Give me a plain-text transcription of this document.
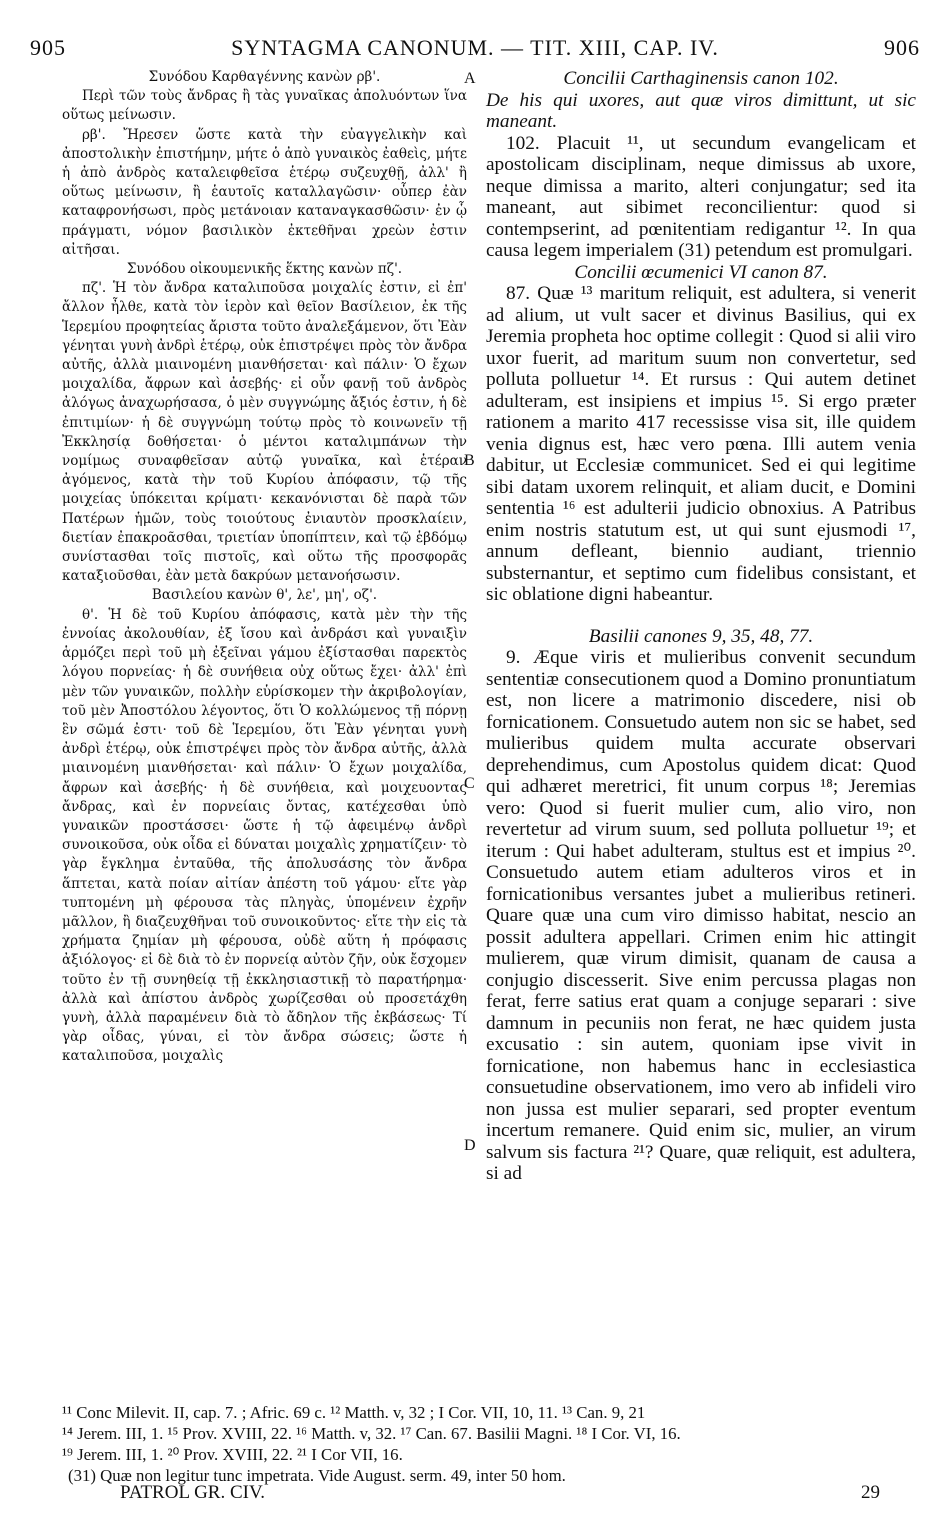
905	SYNTAGMA CANONUM. — TIT. XIII, CAP. IV.	906
A
B
C
D

Συνόδου Καρθαγέννης κανὼν ρβ'.

Περὶ τῶν τοὺς ἄνδρας ἢ τὰς γυναῖκας ἀπολυόντων ἵνα οὕτως μείνωσιν.

ρβ'. Ἤρεσεν ὥστε κατὰ τὴν εὐαγγελικὴν καὶ ἀποστολικὴν ἐπιστήμην, μήτε ὁ ἀπὸ γυναικὸς ἐαθεὶς, μήτε ἡ ἀπὸ ἀνδρὸς καταλειφθεῖσα ἑτέρῳ συζευχθῇ, ἀλλ' ἢ οὕτως μείνωσιν, ἢ ἑαυτοῖς καταλλαγῶσιν· οὗπερ ἐὰν καταφρονήσωσι, πρὸς μετάνοιαν καταναγκασθῶσιν· ἐν ᾧ πράγματι, νόμον βασιλικὸν ἐκτεθῆναι χρεὼν ἐστιν αἰτῆσαι.

Συνόδου οἰκουμενικῆς ἕκτης κανὼν πζ'.

πζ'. Ἡ τὸν ἄνδρα καταλιποῦσα μοιχαλίς ἐστιν, εἰ ἐπ' ἄλλον ἦλθε, κατὰ τὸν ἱερὸν καὶ θεῖον Βασίλειον, ἐκ τῆς Ἱερεμίου προφητείας ἄριστα τοῦτο ἀναλεξάμενον, ὅτι Ἐὰν γένηται γυνὴ ἀνδρὶ ἑτέρῳ, οὐκ ἐπιστρέψει πρὸς τὸν ἄνδρα αὐτῆς, ἀλλὰ μιαινομένη μιανθήσεται· καὶ πάλιν· Ὁ ἔχων μοιχαλίδα, ἄφρων καὶ ἀσεβής· εἰ οὖν φανῇ τοῦ ἀνδρὸς ἀλόγως ἀναχωρήσασα, ὁ μὲν συγγνώμης ἄξιός ἐστιν, ἡ δὲ ἐπιτιμίων· ἡ δὲ συγγνώμη τούτῳ πρὸς τὸ κοινωνεῖν τῇ Ἐκκλησίᾳ δοθήσεται· ὁ μέντοι καταλιμπάνων τὴν νομίμως συναφθεῖσαν αὐτῷ γυναῖκα, καὶ ἑτέραν ἀγόμενος, κατὰ τὴν τοῦ Κυρίου ἀπόφασιν, τῷ τῆς μοιχείας ὑπόκειται κρίματι· κεκανόνισται δὲ παρὰ τῶν Πατέρων ἡμῶν, τοὺς τοιούτους ἐνιαυτὸν προσκλαίειν, διετίαν ἐπακροᾶσθαι, τριετίαν ὑποπίπτειν, καὶ τῷ ἑβδόμῳ συνίστασθαι τοῖς πιστοῖς, καὶ οὕτω τῆς προσφορᾶς καταξιοῦσθαι, ἐὰν μετὰ δακρύων μετανοήσωσιν.

Βασιλείου κανὼν θ', λε', μη', οζ'.

θ'. Ἡ δὲ τοῦ Κυρίου ἀπόφασις, κατὰ μὲν τὴν τῆς ἐννοίας ἀκολουθίαν, ἐξ ἴσου καὶ ἀνδράσι καὶ γυναιξὶν ἁρμόζει περὶ τοῦ μὴ ἐξεῖναι γάμου ἐξίστασθαι παρεκτὸς λόγου πορνείας· ἡ δὲ συνήθεια οὐχ οὕτως ἔχει· ἀλλ' ἐπὶ μὲν τῶν γυναικῶν, πολλὴν εὑρίσκομεν τὴν ἀκριβολογίαν, τοῦ μὲν Ἀποστόλου λέγοντος, ὅτι Ὁ κολλώμενος τῇ πόρνῃ ἓν σῶμά ἐστι· τοῦ δὲ Ἱερεμίου, ὅτι Ἐὰν γένηται γυνὴ ἀνδρὶ ἑτέρῳ, οὐκ ἐπιστρέψει πρὸς τὸν ἄνδρα αὐτῆς, ἀλλὰ μιαινομένη μιανθήσεται· καὶ πάλιν· Ὁ ἔχων μοιχαλίδα, ἄφρων καὶ ἀσεβής· ἡ δὲ συνήθεια, καὶ μοιχευοντας ἄνδρας, καὶ ἐν πορνείαις ὄντας, κατέχεσθαι ὑπὸ γυναικῶν προστάσσει· ὥστε ἡ τῷ ἀφειμένῳ ἀνδρὶ συνοικοῦσα, οὐκ οἶδα εἰ δύναται μοιχαλὶς χρηματίζειν· τὸ γὰρ ἔγκλημα ἐνταῦθα, τῆς ἀπολυσάσης τὸν ἄνδρα ἅπτεται, κατὰ ποίαν αἰτίαν ἀπέστη τοῦ γάμου· εἴτε γὰρ τυπτομένη μὴ φέρουσα τὰς πληγὰς, ὑπομένειν ἐχρῆν μᾶλλον, ἢ διαζευχθῆναι τοῦ συνοικοῦντος· εἴτε τὴν εἰς τὰ χρήματα ζημίαν μὴ φέρουσα, οὐδὲ αὕτη ἡ πρόφασις ἀξιόλογος· εἰ δὲ διὰ τὸ ἐν πορνείᾳ αὐτὸν ζῆν, οὐκ ἔσχομεν τοῦτο ἐν τῇ συνηθείᾳ τῇ ἐκκλησιαστικῇ τὸ παρατήρημα· ἀλλὰ καὶ ἀπίστου ἀνδρὸς χωρίζεσθαι οὐ προσετάχθη γυνὴ, ἀλλὰ παραμένειν διὰ τὸ ἄδηλον τῆς ἐκβάσεως· Τί γὰρ οἶδας, γύναι, εἰ τὸν ἄνδρα σώσεις; ὥστε ἡ καταλιποῦσα, μοιχαλὶς

Concilii Carthaginensis canon 102.

De his qui uxores, aut quæ viros dimittunt, ut sic maneant.

102. Placuit ¹¹, ut secundum evangelicam et apostolicam disciplinam, neque dimissus ab uxore, neque dimissa a marito, alteri conjungatur; sed ita maneant, aut sibimet reconcilientur: quod si contempserint, ad pœnitentiam redigantur ¹². In qua causa legem imperialem (31) petendum est promulgari.

Concilii œcumenici VI canon 87.

87. Quæ ¹³ maritum reliquit, est adultera, si venerit ad alium, ut vult sacer et divinus Basilius, qui ex Jeremia propheta hoc optime collegit : Quod si alii viro uxor fuerit, ad maritum suum non convertetur, sed polluta polluetur ¹⁴. Et rursus : Qui autem detinet adulteram, est insipiens et impius ¹⁵. Si ergo præter rationem a marito 417 recessisse visa sit, ille quidem venia dignus est, hæc vero pœna. Illi autem venia dabitur, ut Ecclesiæ communicet. Sed ei qui legitime sibi datam uxorem relinquit, et aliam ducit, e Domini sententia ¹⁶ est adulterii judicio obnoxius. A Patribus enim nostris statutum est, ut qui sunt ejusmodi ¹⁷, annum defleant, biennio audiant, triennio substernantur, et septimo cum fidelibus consistant, et sic oblatione digni habeantur.

Basilii canones 9, 35, 48, 77.

9. Æque viris et mulieribus convenit secundum sententiæ consecutionem quod a Domino pronuntiatum est, non licere a matrimonio discedere, nisi ob fornicationem. Consuetudo autem non sic se habet, sed mulieribus quidem multa accurate observari deprehendimus, cum Apostolus quidem dicat: Quod qui adhæret meretrici, fit unum corpus ¹⁸; Jeremias vero: Quod si fuerit mulier cum, alio viro, non revertetur ad virum suum, sed polluta polluetur ¹⁹; et iterum : Qui habet adulteram, stultus est et impius ²⁰. Consuetudo autem etiam adulteros viros et in fornicationibus versantes jubet a mulieribus retineri. Quare quæ una cum viro dimisso habitat, nescio an possit adultera appellari. Crimen enim hic attingit mulierem, quæ virum dimisit, quanam de causa a conjugio discesserit. Sive enim percussa plagas non ferat, ferre satius erat quam a conjuge separari : sive damnum in pecuniis non ferat, ne hæc quidem justa excusatio : sin autem, quoniam ipse vivit in fornicatione, non habemus hanc in ecclesiastica consuetudine observationem, imo vero ab infideli viro non jussa est mulier separari, sed propter eventum incertum remanere. Quid enim sic, mulier, an virum salvum sis factura ²¹? Quare, quæ reliquit, est adultera, si ad

¹¹ Conc Milevit. II, cap. 7. ; Afric. 69 c. ¹² Matth. v, 32 ; I Cor. VII, 10, 11. ¹³ Can. 9, 21

¹⁴ Jerem. III, 1. ¹⁵ Prov. XVIII, 22. ¹⁶ Matth. v, 32. ¹⁷ Can. 67. Basilii Magni. ¹⁸ I Cor. VI, 16.

¹⁹ Jerem. III, 1. ²⁰ Prov. XVIII, 22. ²¹ I Cor VII, 16.

(31) Quæ non legitur tunc impetrata. Vide August. serm. 49, inter 50 hom.

PATROL GR. CIV.	29
